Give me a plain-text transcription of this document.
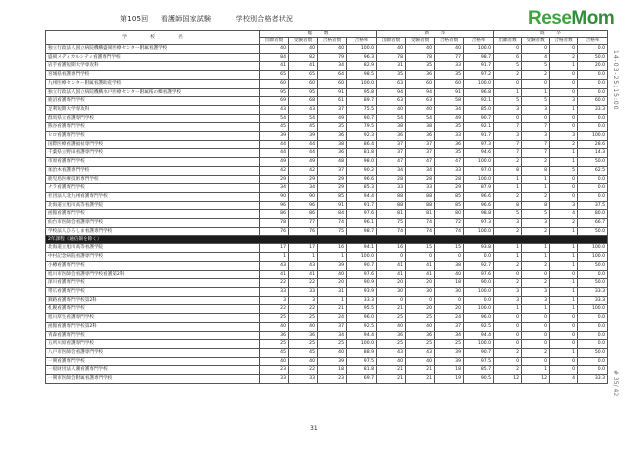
第105回 看護師国家試験	学校別合格者状況	ReseMom
14-03-25;15:00
# 35/ 42
学 校 名	総 数				新 卒				既 卒			
	出願者数	受験者数	合格者数	合格率	出願者数	受験者数	合格者数	合格率	出願者数	受験者数	合格者数	合格率
独立行政法人国立病院機構盛岡医療センター附属看護学校	40	40	40	100.0	40	40	40	100.0	0	0	0	0.0
盛岡メディカルシティ看護専門学校	84	82	79	96.3	78	78	77	98.7	6	4	2	50.0
岩手看護短期大学専攻科	41	41	34	82.9	31	35	33	91.7	5	5	1	20.0
宮城県看護専門学校	65	65	64	98.5	35	36	35	97.2	2	2	0	0.0
九州医療センター附属看護助産学校	60	60	60	100.0	63	60	60	100.0	0	0	0	0.0
独立行政法人国立病院機構水戸医療センター附属桜の郷看護学校	95	95	91	95.8	94	94	91	96.8	1	1	0	0.0
鹿沼看護専門学校	69	68	61	89.7	63	63	58	92.1	5	5	3	60.0
足利短期大学専攻科	43	43	37	75.5	40	40	34	85.0	3	3	1	33.3
群馬県立看護専門学校	54	54	49	90.7	54	54	49	90.7	0	0	0	0.0
熊谷看護専門学校	45	45	35	79.5	38	38	35	92.1	7	7	0	0.0
ヒロ看護専門学校	39	39	36	92.3	36	36	33	91.7	3	3	3	100.0
国際医療看護福祉専門学校	44	44	38	86.4	37	37	36	97.3	7	7	2	28.6
千葉県立野田看護専門学校	44	44	36	81.8	37	37	35	94.6	7	7	1	14.3
市原看護専門学校	49	49	48	98.0	47	47	47	100.0	2	2	1	50.0
加治木看護専門学校	42	42	37	90.2	34	34	33	97.0	8	8	5	62.5
鹿児島医療技術専門学校	29	29	29	96.6	28	28	28	100.0	1	1	0	0.0
ナラ看護専門学校	34	34	29	85.3	33	33	29	87.9	1	1	0	0.0
社団法人北九州看護専門学校	90	90	85	94.4	88	88	85	96.6	2	2	0	0.0
北海道立旭川高等看護学院	96	96	91	91.7	88	88	85	96.6	8	8	3	37.5
函館看護専門学校	86	86	84	97.6	81	81	80	98.8	5	5	4	80.0
仙台市医師会看護専門学校	78	77	74	96.1	75	74	72	97.3	3	3	2	66.7
学校法人ひろしま看護専門学校	76	76	75	98.7	74	74	74	100.0	2	2	1	50.0
2年課程（通信制を除く）												
北海道立旭川高等看護学院	17	17	16	94.1	16	15	15	93.8	1	1	1	100.0
中村記念病院看護専門学校	1	1	1	100.0	0	0	0	0.0	1	1	1	100.0
小樽看護専門学校	43	43	39	90.7	41	41	38	92.7	2	2	1	50.0
旭川市医師会看護専門学校看護第2科	41	41	40	97.6	41	41	40	97.6	0	0	0	0.0
深川看護専門学校	22	22	20	90.9	20	20	18	90.0	2	2	1	50.0
帯広看護専門学校	33	33	31	93.9	30	30	30	100.0	3	3	1	33.3
釧路看護専門学校第2科	3	3	1	33.3	0	0	0	0.0	3	3	1	33.3
札幌看護専門学校	22	22	21	95.5	21	20	20	100.0	1	1	1	100.0
旭川厚生看護専門学校	25	25	24	96.0	25	25	24	96.0	0	0	0	0.0
函館看護専門学校第2科	40	40	37	92.5	40	40	37	92.5	0	0	0	0.0
青森看護専門学校	36	36	34	94.4	36	36	34	94.4	0	0	0	0.0
五所川原看護専門学校	25	25	25	100.0	25	25	25	100.0	0	0	0	0.0
八戸市医師会看護専門学校	45	45	40	88.9	43	43	39	90.7	2	2	1	50.0
一関看護専門学校	40	40	39	97.5	40	40	39	97.5	0	0	0	0.0
一般財団法人潮看護専門学校	23	22	18	81.8	21	21	18	85.7	2	1	0	0.0
一関市医師会附属看護専門学校	33	33	23	69.7	21	21	19	90.5	12	12	4	33.3
31
